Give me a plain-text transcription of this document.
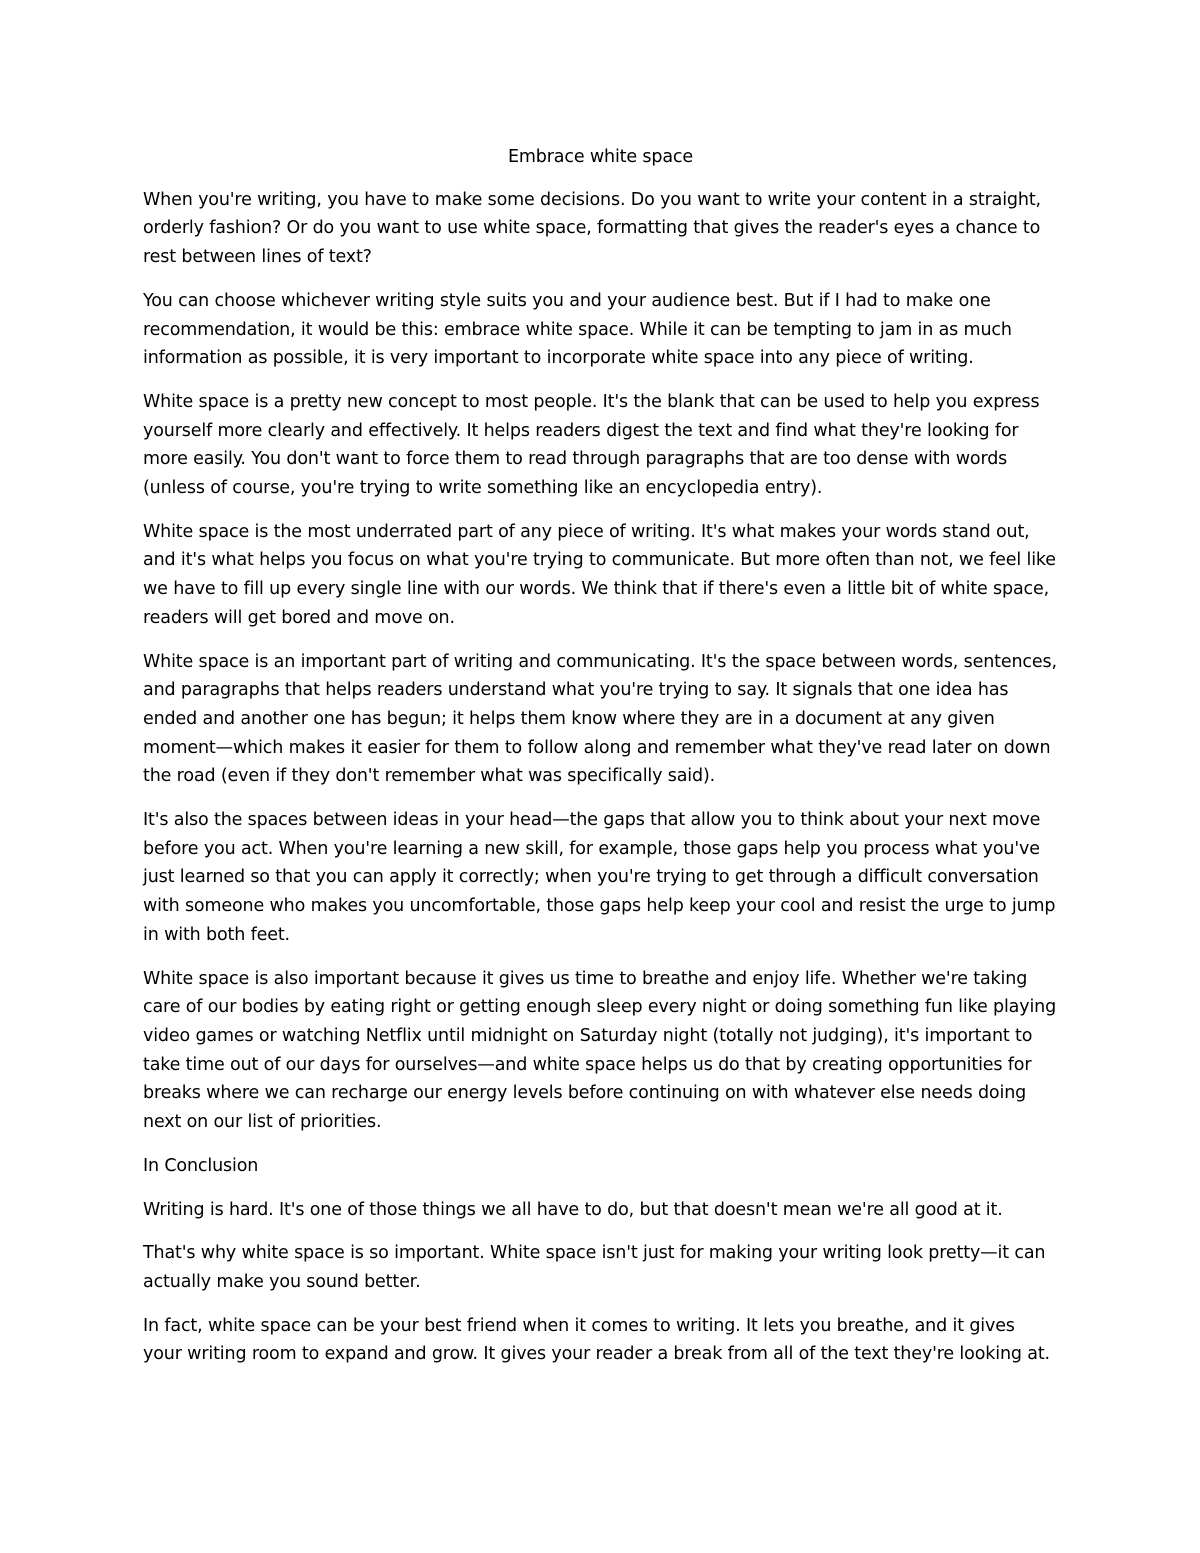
Embrace white space

When you're writing, you have to make some decisions. Do you want to write your content in a straight, orderly fashion? Or do you want to use white space, formatting that gives the reader's eyes a chance to rest between lines of text?

You can choose whichever writing style suits you and your audience best. But if I had to make one recommendation, it would be this: embrace white space. While it can be tempting to jam in as much information as possible, it is very important to incorporate white space into any piece of writing.

White space is a pretty new concept to most people. It's the blank that can be used to help you express yourself more clearly and effectively. It helps readers digest the text and find what they're looking for more easily. You don't want to force them to read through paragraphs that are too dense with words (unless of course, you're trying to write something like an encyclopedia entry).

White space is the most underrated part of any piece of writing. It's what makes your words stand out, and it's what helps you focus on what you're trying to communicate. But more often than not, we feel like we have to fill up every single line with our words. We think that if there's even a little bit of white space, readers will get bored and move on.

White space is an important part of writing and communicating. It's the space between words, sentences, and paragraphs that helps readers understand what you're trying to say. It signals that one idea has ended and another one has begun; it helps them know where they are in a document at any given moment—which makes it easier for them to follow along and remember what they've read later on down the road (even if they don't remember what was specifically said).

It's also the spaces between ideas in your head—the gaps that allow you to think about your next move before you act. When you're learning a new skill, for example, those gaps help you process what you've just learned so that you can apply it correctly; when you're trying to get through a difficult conversation with someone who makes you uncomfortable, those gaps help keep your cool and resist the urge to jump in with both feet.

White space is also important because it gives us time to breathe and enjoy life. Whether we're taking care of our bodies by eating right or getting enough sleep every night or doing something fun like playing video games or watching Netflix until midnight on Saturday night (totally not judging), it's important to take time out of our days for ourselves—and white space helps us do that by creating opportunities for breaks where we can recharge our energy levels before continuing on with whatever else needs doing next on our list of priorities.

In Conclusion

Writing is hard. It's one of those things we all have to do, but that doesn't mean we're all good at it.

That's why white space is so important. White space isn't just for making your writing look pretty—it can actually make you sound better.

In fact, white space can be your best friend when it comes to writing. It lets you breathe, and it gives your writing room to expand and grow. It gives your reader a break from all of the text they're looking at.
